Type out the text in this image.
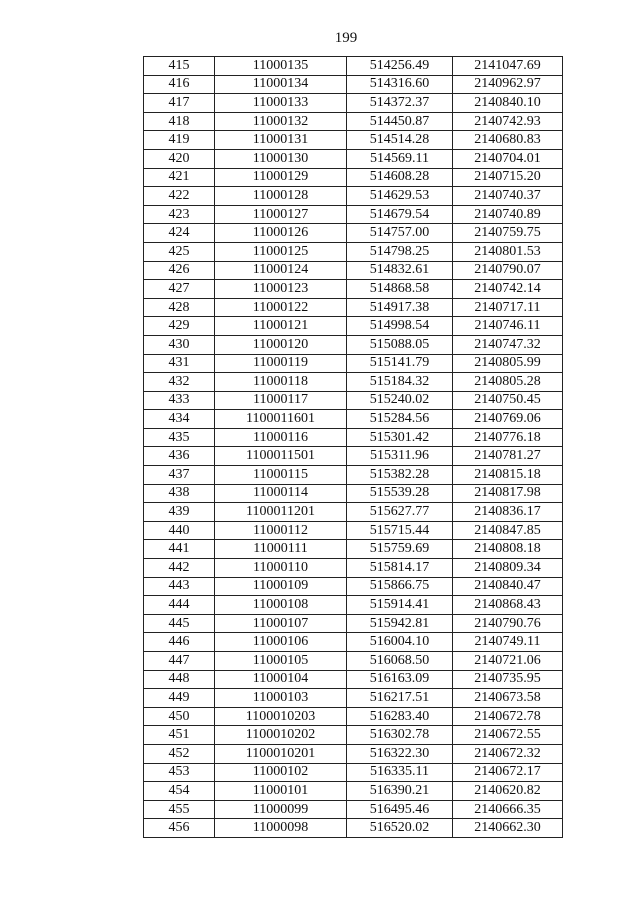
199
415	11000135	514256.49	2141047.69
416	11000134	514316.60	2140962.97
417	11000133	514372.37	2140840.10
418	11000132	514450.87	2140742.93
419	11000131	514514.28	2140680.83
420	11000130	514569.11	2140704.01
421	11000129	514608.28	2140715.20
422	11000128	514629.53	2140740.37
423	11000127	514679.54	2140740.89
424	11000126	514757.00	2140759.75
425	11000125	514798.25	2140801.53
426	11000124	514832.61	2140790.07
427	11000123	514868.58	2140742.14
428	11000122	514917.38	2140717.11
429	11000121	514998.54	2140746.11
430	11000120	515088.05	2140747.32
431	11000119	515141.79	2140805.99
432	11000118	515184.32	2140805.28
433	11000117	515240.02	2140750.45
434	1100011601	515284.56	2140769.06
435	11000116	515301.42	2140776.18
436	1100011501	515311.96	2140781.27
437	11000115	515382.28	2140815.18
438	11000114	515539.28	2140817.98
439	1100011201	515627.77	2140836.17
440	11000112	515715.44	2140847.85
441	11000111	515759.69	2140808.18
442	11000110	515814.17	2140809.34
443	11000109	515866.75	2140840.47
444	11000108	515914.41	2140868.43
445	11000107	515942.81	2140790.76
446	11000106	516004.10	2140749.11
447	11000105	516068.50	2140721.06
448	11000104	516163.09	2140735.95
449	11000103	516217.51	2140673.58
450	1100010203	516283.40	2140672.78
451	1100010202	516302.78	2140672.55
452	1100010201	516322.30	2140672.32
453	11000102	516335.11	2140672.17
454	11000101	516390.21	2140620.82
455	11000099	516495.46	2140666.35
456	11000098	516520.02	2140662.30
